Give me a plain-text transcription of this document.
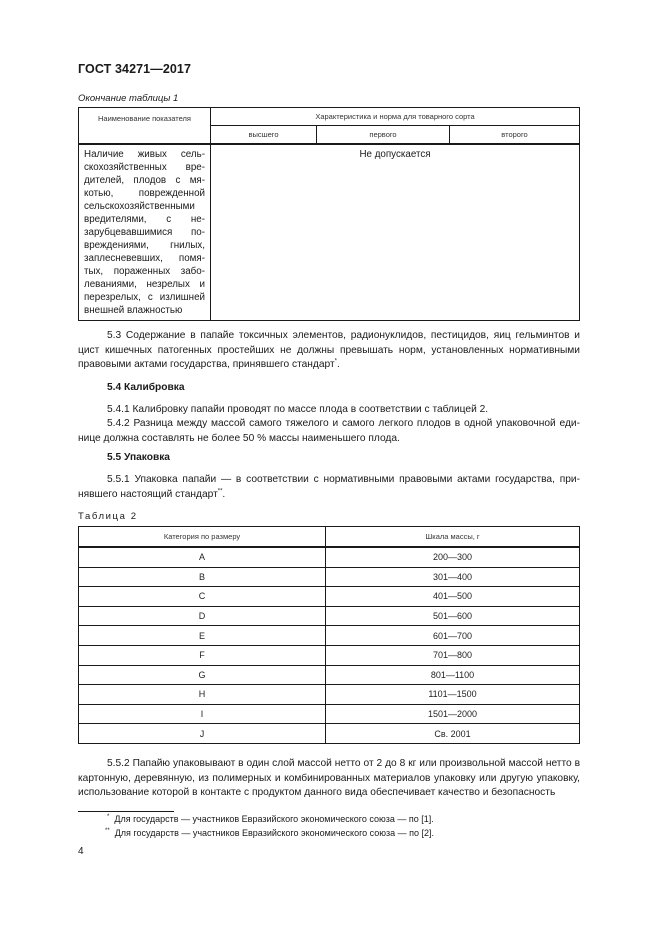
ГОСТ 34271—2017
Окончание таблицы 1
Наименование показателя	Характеристика и норма для товарного сорта		
	высшего	первого	второго
Наличие живых сельскохозяйственных вредителей, плодов с мякотью, поврежденной сельскохозяйственными вредителями, с незарубцевавшимися повреждениями, гнилых, заплесневевших, помятых, пораженных заболеваниями, незрелых и перезрелых, с излишней внешней влажностью	Не допускается		
5.3 Содержание в папайе токсичных элементов, радионуклидов, пестицидов, яиц гельминтов и цист кишечных патогенных простейших не должны превышать норм, установленных нормативными правовыми актами государства, принявшего стандарт*.
5.4 Калибровка
5.4.1 Калибровку папайи проводят по массе плода в соответствии с таблицей 2.
5.4.2 Разница между массой самого тяжелого и самого легкого плодов в одной упаковочной единице должна составлять не более 50 % массы наименьшего плода.
5.5 Упаковка
5.5.1 Упаковка папайи — в соответствии с нормативными правовыми актами государства, принявшего настоящий стандарт**.
Таблица 2
Категория по размеру	Шкала массы, г
A	200—300
B	301—400
C	401—500
D	501—600
E	601—700
F	701—800
G	801—1100
H	1101—1500
I	1501—2000
J	Св. 2001
5.5.2 Папайю упаковывают в один слой массой нетто от 2 до 8 кг или произвольной массой нетто в картонную, деревянную, из полимерных и комбинированных материалов упаковку или другую упаковку, использование которой в контакте с продуктом данного вида обеспечивает качество и безопасность
* Для государств — участников Евразийского экономического союза — по [1].
** Для государств — участников Евразийского экономического союза — по [2].
4
